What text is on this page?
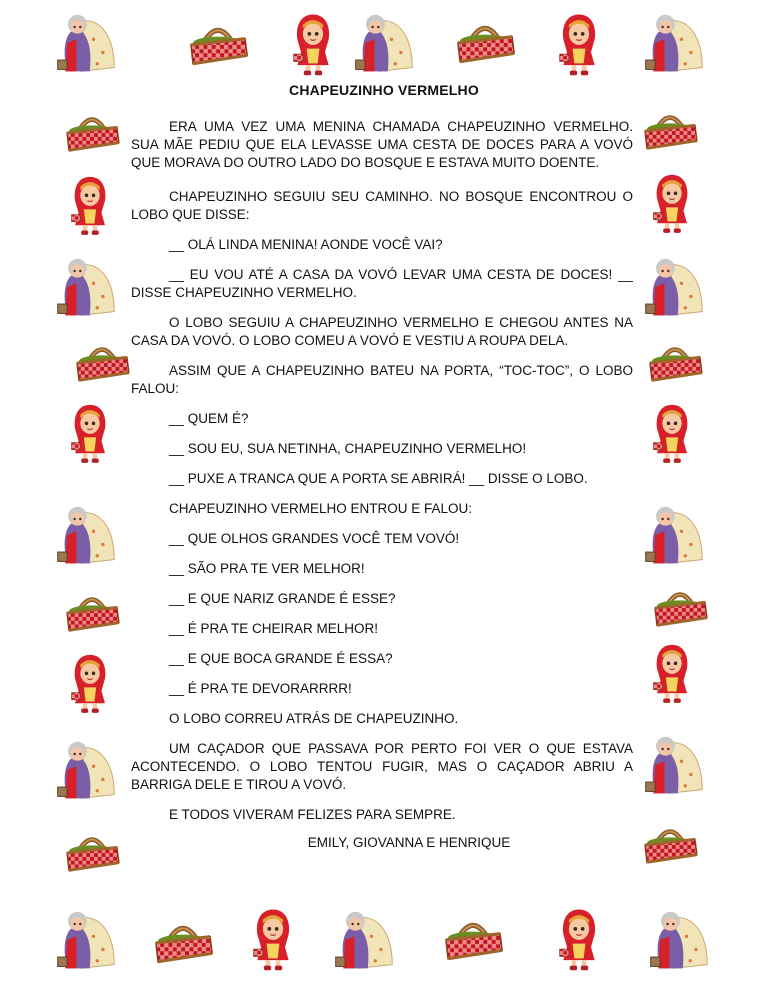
CHAPEUZINHO VERMELHO

ERA UMA VEZ UMA MENINA CHAMADA CHAPEUZINHO VERMELHO. SUA MÃE PEDIU QUE ELA LEVASSE UMA CESTA DE DOCES PARA A VOVÓ QUE MORAVA DO OUTRO LADO DO BOSQUE E ESTAVA MUITO DOENTE.

CHAPEUZINHO SEGUIU SEU CAMINHO. NO BOSQUE ENCONTROU O LOBO QUE DISSE:

__ OLÁ LINDA MENINA! AONDE VOCÊ VAI?

__ EU VOU ATÉ A CASA DA VOVÓ LEVAR UMA CESTA DE DOCES! __ DISSE CHAPEUZINHO VERMELHO.

O LOBO SEGUIU A CHAPEUZINHO VERMELHO E CHEGOU ANTES NA CASA DA VOVÓ. O LOBO COMEU A VOVÓ E VESTIU A ROUPA DELA.

ASSIM QUE A CHAPEUZINHO BATEU NA PORTA, “TOC-TOC”, O LOBO FALOU:

__ QUEM É?

__ SOU EU, SUA NETINHA, CHAPEUZINHO VERMELHO!

__ PUXE A TRANCA QUE A PORTA SE ABRIRÁ! __ DISSE O LOBO.

CHAPEUZINHO VERMELHO ENTROU E FALOU:

__ QUE OLHOS GRANDES VOCÊ TEM VOVÓ!

__ SÃO PRA TE VER MELHOR!

__ E QUE NARIZ GRANDE É ESSE?

__ É PRA TE CHEIRAR MELHOR!

__ E QUE BOCA GRANDE É ESSA?

__ É PRA TE DEVORARRRR!

O LOBO CORREU ATRÁS DE CHAPEUZINHO.

UM CAÇADOR QUE PASSAVA POR PERTO FOI VER O QUE ESTAVA ACONTECENDO. O LOBO TENTOU FUGIR, MAS O CAÇADOR ABRIU A BARRIGA DELE E TIROU A VOVÓ.

E TODOS VIVERAM FELIZES PARA SEMPRE.

EMILY, GIOVANNA E HENRIQUE
